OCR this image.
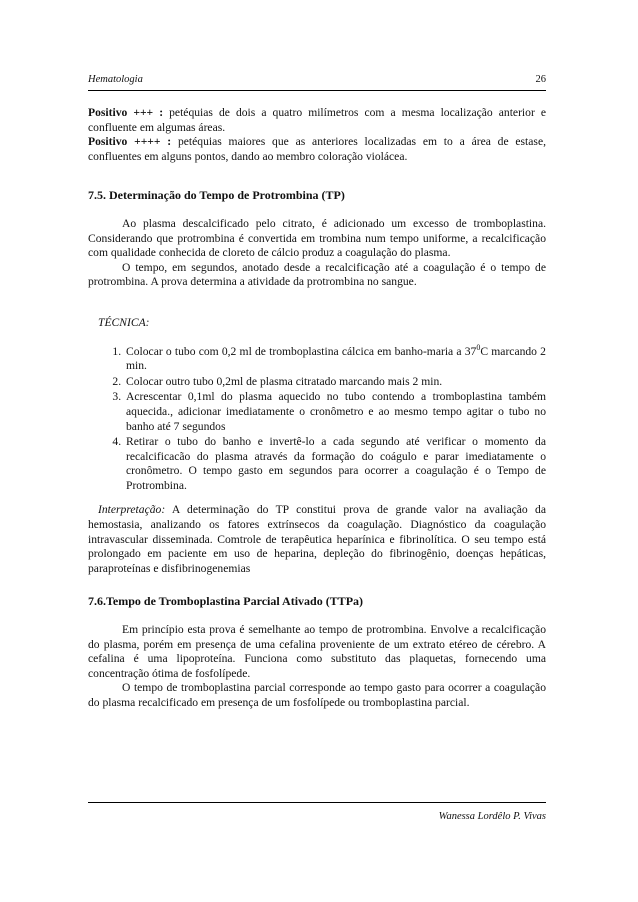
Hematologia	26

Positivo +++ : petéquias de dois a quatro milímetros com a mesma localização anterior e confluente em algumas áreas.

Positivo ++++ : petéquias maiores que as anteriores localizadas em to a área de estase, confluentes em alguns pontos, dando ao membro coloração violácea.

7.5. Determinação do Tempo de Protrombina (TP)

Ao plasma descalcificado pelo citrato, é adicionado um excesso de tromboplastina. Considerando que protrombina é convertida em trombina num tempo uniforme, a recalcificação com qualidade conhecida de cloreto de cálcio produz a coagulação do plasma.

O tempo, em segundos, anotado desde a recalcificação até a coagulação é o tempo de protrombina. A prova determina a atividade da protrombina no sangue.

TÉCNICA:

1. Colocar o tubo com 0,2 ml de tromboplastina cálcica em banho-maria a $37^0C$ marcando 2 min.
2. Colocar outro tubo 0,2ml de plasma citratado marcando mais 2 min.
3. Acrescentar 0,1ml do plasma aquecido no tubo contendo a tromboplastina também aquecida., adicionar imediatamente o cronômetro e ao mesmo tempo agitar o tubo no banho até 7 segundos
4. Retirar o tubo do banho e invertê-lo a cada segundo até verificar o momento da recalcificacão do plasma através da formação do coágulo e parar imediatamente o cronômetro. O tempo gasto em segundos para ocorrer a coagulação é o Tempo de Protrombina.

Interpretação: A determinação do TP constitui prova de grande valor na avaliação da hemostasia, analizando os fatores extrínsecos da coagulação. Diagnóstico da coagulação intravascular disseminada. Comtrole de terapêutica heparínica e fibrinolítica. O seu tempo está prolongado em paciente em uso de heparina, depleção do fibrinogênio, doenças hepáticas, paraproteínas e disfibrinogenemias

7.6.Tempo de Tromboplastina Parcial Ativado (TTPa)

Em princípio esta prova é semelhante ao tempo de protrombina. Envolve a recalcificação do plasma, porém em presença de uma cefalina proveniente de um extrato etéreo de cérebro. A cefalina é uma lipoproteína. Funciona como substituto das plaquetas, fornecendo uma concentração ótima de fosfolípede.

O tempo de tromboplastina parcial corresponde ao tempo gasto para ocorrer a coagulação do plasma recalcificado em presença de um fosfolípede ou tromboplastina parcial.

Wanessa Lordêlo P. Vivas
